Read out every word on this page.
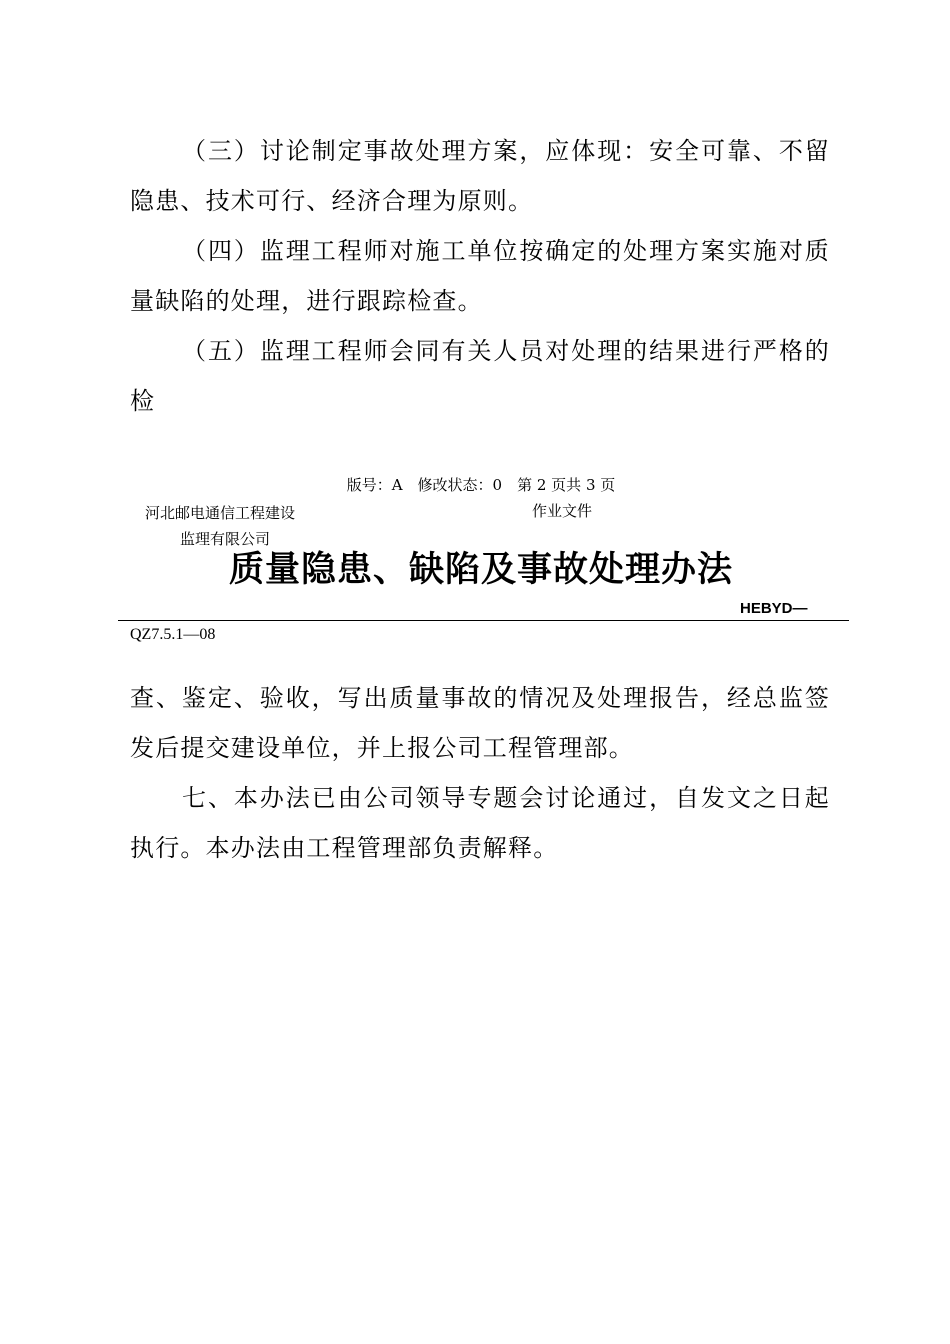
（三）讨论制定事故处理方案，应体现：安全可靠、不留隐患、技术可行、经济合理为原则。

（四）监理工程师对施工单位按确定的处理方案实施对质量缺陷的处理，进行跟踪检查。

（五）监理工程师会同有关人员对处理的结果进行严格的检

版号：A　修改状态：0　第 2 页共 3 页
河北邮电通信工程建设
监理有限公司
作业文件
质量隐患、缺陷及事故处理办法
HEBYD—
QZ7.5.1—08

查、鉴定、验收，写出质量事故的情况及处理报告，经总监签发后提交建设单位，并上报公司工程管理部。

七、本办法已由公司领导专题会讨论通过，自发文之日起执行。本办法由工程管理部负责解释。
